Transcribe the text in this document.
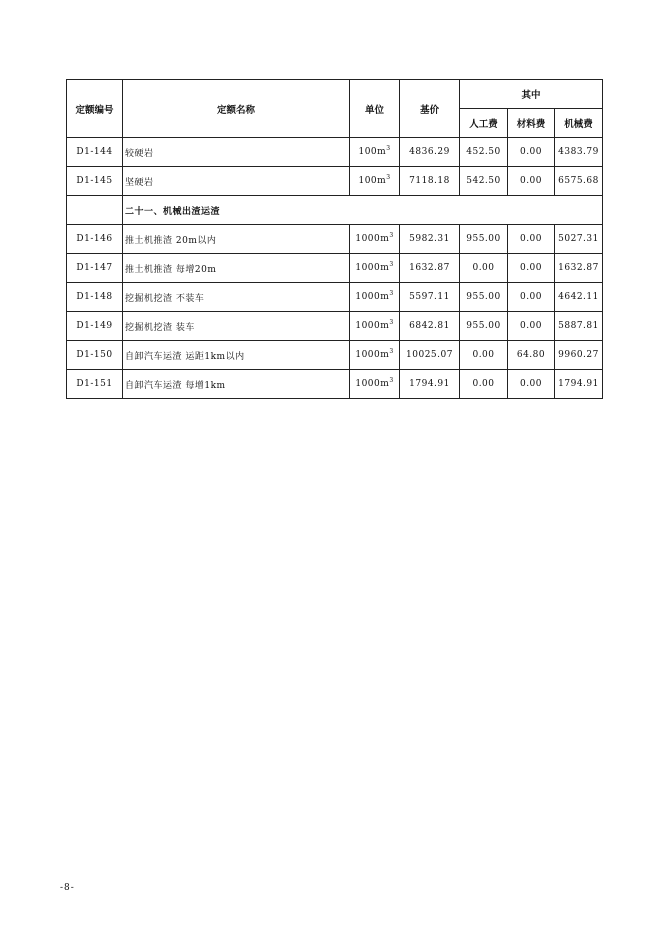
定额编号	定额名称	单位	基价	其中		
				人工费	材料费	机械费
D1-144	较硬岩	$100m^3$	4836.29	452.50	0.00	4383.79
D1-145	坚硬岩	$100m^3$	7118.18	542.50	0.00	6575.68
	二十一、机械出渣运渣					
D1-146	推土机推渣 20m以内	$1000m^3$	5982.31	955.00	0.00	5027.31
D1-147	推土机推渣 每增20m	$1000m^3$	1632.87	0.00	0.00	1632.87
D1-148	挖掘机挖渣 不装车	$1000m^3$	5597.11	955.00	0.00	4642.11
D1-149	挖掘机挖渣 装车	$1000m^3$	6842.81	955.00	0.00	5887.81
D1-150	自卸汽车运渣 运距1km以内	$1000m^3$	10025.07	0.00	64.80	9960.27
D1-151	自卸汽车运渣 每增1km	$1000m^3$	1794.91	0.00	0.00	1794.91
-8-
